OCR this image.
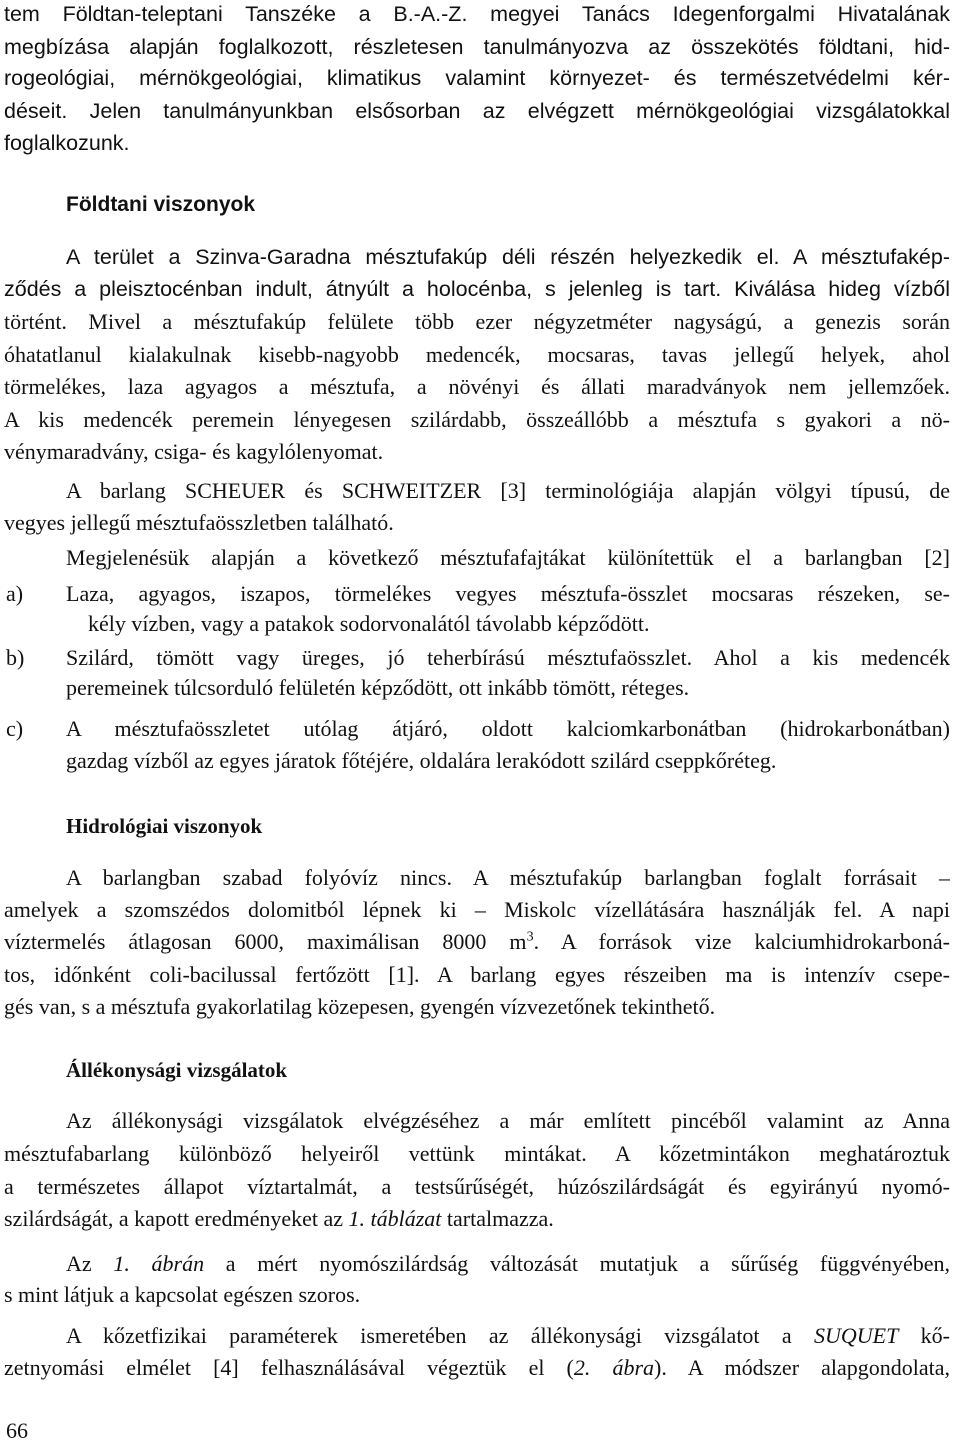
tem Földtan-teleptani Tanszéke a B.-A.-Z. megyei Tanács Idegenforgalmi Hivatalának

megbízása alapján foglalkozott, részletesen tanulmányozva az összekötés földtani, hid-

rogeológiai, mérnökgeológiai, klimatikus valamint környezet- és természetvédelmi kér-

déseit. Jelen tanulmányunkban elsősorban az elvégzett mérnökgeológiai vizsgálatokkal

foglalkozunk.

Földtani viszonyok

A terület a Szinva-Garadna mésztufakúp déli részén helyezkedik el. A mésztufakép-

ződés a pleisztocénban indult, átnyúlt a holocénba, s jelenleg is tart. Kiválása hideg vízből

történt. Mivel a mésztufakúp felülete több ezer négyzetméter nagyságú, a genezis során

óhatatlanul kialakulnak kisebb-nagyobb medencék, mocsaras, tavas jellegű helyek, ahol

törmelékes, laza agyagos a mésztufa, a növényi és állati maradványok nem jellemzőek.

A kis medencék peremein lényegesen szilárdabb, összeállóbb a mésztufa s gyakori a nö-

vénymaradvány, csiga- és kagylólenyomat.

A barlang SCHEUER és SCHWEITZER [3] terminológiája alapján völgyi típusú, de

vegyes jellegű mésztufaösszletben található.

Megjelenésük alapján a következő mésztufafajtákat különítettük el a barlangban [2]

a) Laza, agyagos, iszapos, törmelékes vegyes mésztufa-összlet mocsaras részeken, se-

kély vízben, vagy a patakok sodorvonalától távolabb képződött.

b) Szilárd, tömött vagy üreges, jó teherbírású mésztufaösszlet. Ahol a kis medencék

peremeinek túlcsorduló felületén képződött, ott inkább tömött, réteges.

c) A mésztufaösszletet utólag átjáró, oldott kalciomkarbonátban (hidrokarbonátban)

gazdag vízből az egyes járatok főtéjére, oldalára lerakódott szilárd cseppkőréteg.

Hidrológiai viszonyok

A barlangban szabad folyóvíz nincs. A mésztufakúp barlangban foglalt forrásait –

amelyek a szomszédos dolomitból lépnek ki – Miskolc vízellátására használják fel. A napi

víztermelés átlagosan 6000, maximálisan 8000 $m^3$. A források vize kalciumhidrokarboná-

tos, időnként coli-bacilussal fertőzött [1]. A barlang egyes részeiben ma is intenzív csepe-

gés van, s a mésztufa gyakorlatilag közepesen, gyengén vízvezetőnek tekinthető.

Állékonysági vizsgálatok

Az állékonysági vizsgálatok elvégzéséhez a már említett pincéből valamint az Anna

mésztufabarlang különböző helyeiről vettünk mintákat. A kőzetmintákon meghatároztuk

a természetes állapot víztartalmát, a testsűrűségét, húzószilárdságát és egyirányú nyomó-

szilárdságát, a kapott eredményeket az 1. táblázat tartalmazza.

Az 1. ábrán a mért nyomószilárdság változását mutatjuk a sűrűség függvényében,

s mint látjuk a kapcsolat egészen szoros.

A kőzetfizikai paraméterek ismeretében az állékonysági vizsgálatot a SUQUET kő-

zetnyomási elmélet [4] felhasználásával végeztük el (2. ábra). A módszer alapgondolata,

66
